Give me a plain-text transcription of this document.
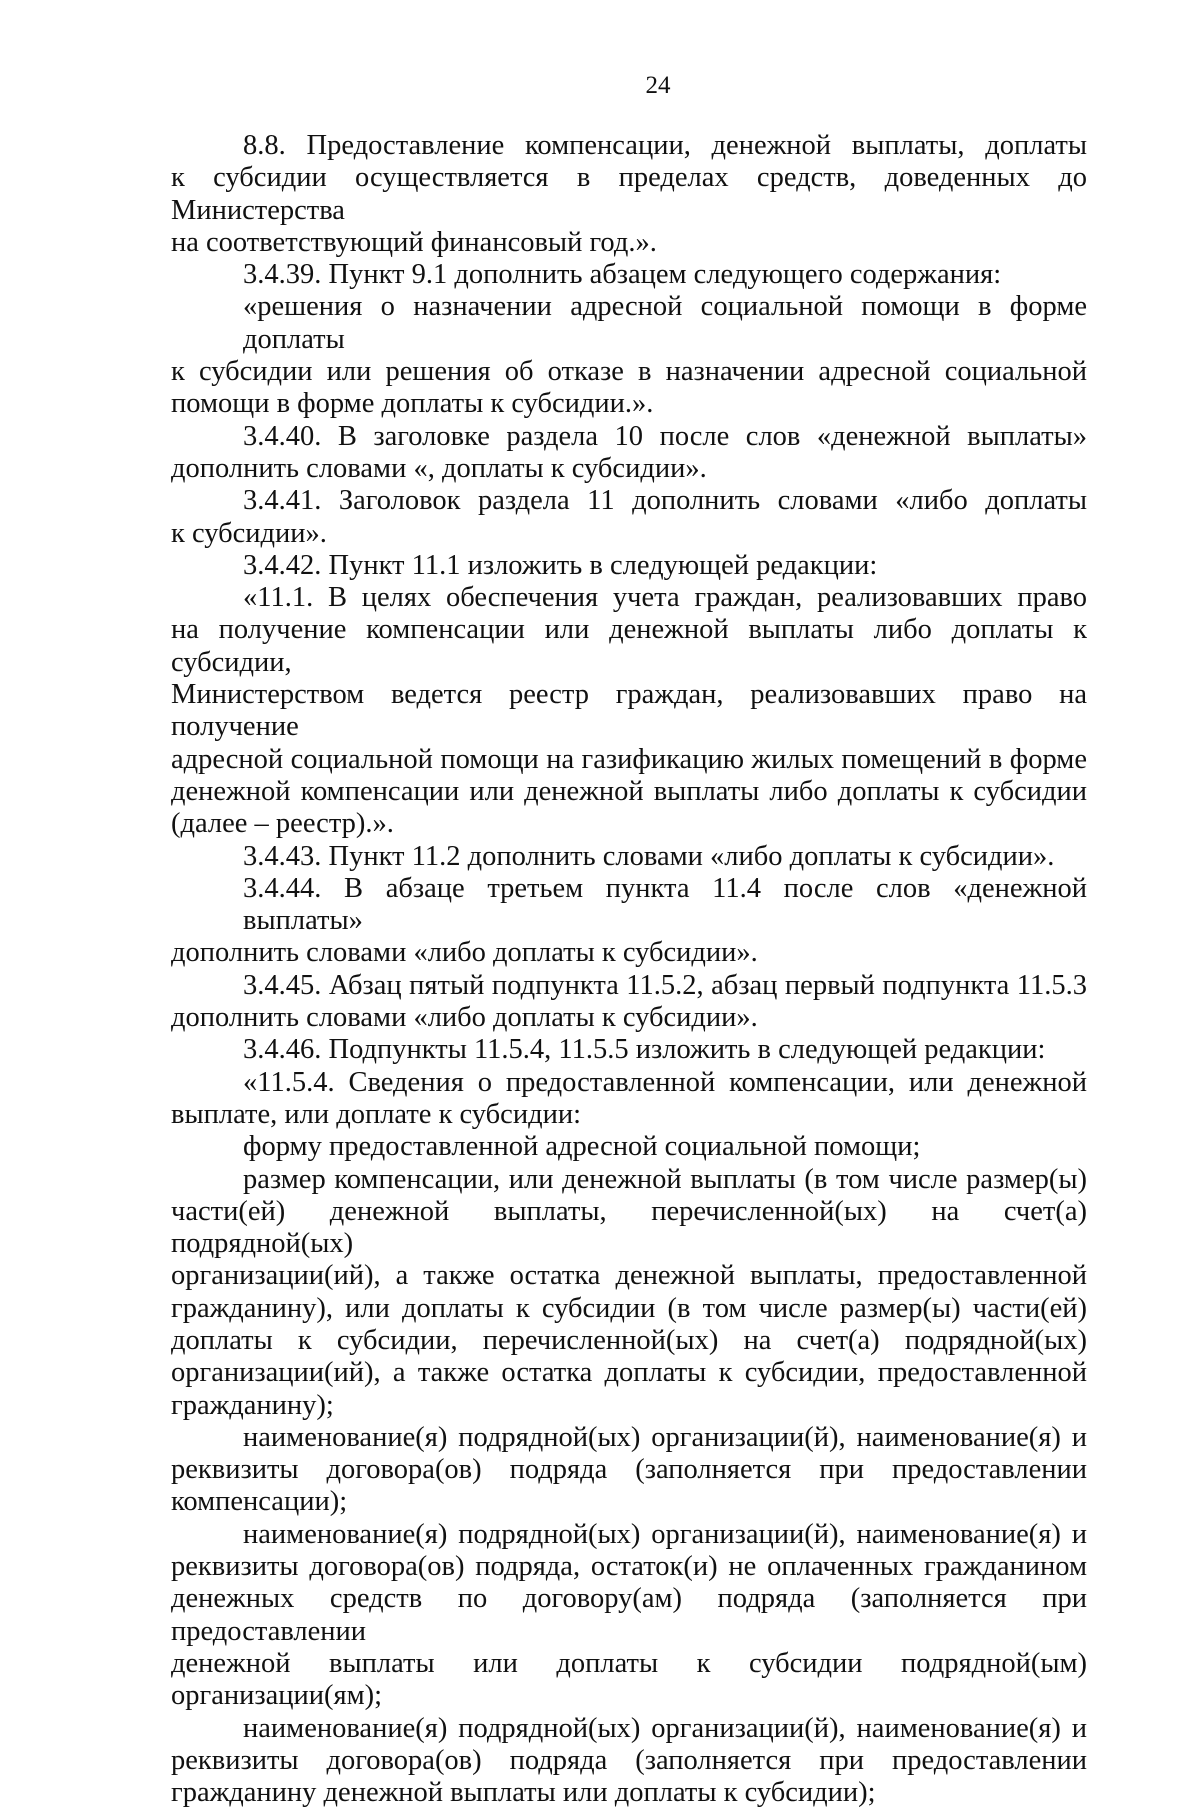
24

8.8. Предоставление компенсации, денежной выплаты, доплаты
к субсидии осуществляется в пределах средств, доведенных до Министерства
на соответствующий финансовый год.».

3.4.39. Пункт 9.1 дополнить абзацем следующего содержания:

«решения о назначении адресной социальной помощи в форме доплаты
к субсидии или решения об отказе в назначении адресной социальной
помощи в форме доплаты к субсидии.».

3.4.40. В заголовке раздела 10 после слов «денежной выплаты»
дополнить словами «, доплаты к субсидии».

3.4.41. Заголовок раздела 11 дополнить словами «либо доплаты
к субсидии».

3.4.42. Пункт 11.1 изложить в следующей редакции:

«11.1. В целях обеспечения учета граждан, реализовавших право
на получение компенсации или денежной выплаты либо доплаты к субсидии,
Министерством ведется реестр граждан, реализовавших право на получение
адресной социальной помощи на газификацию жилых помещений в форме
денежной компенсации или денежной выплаты либо доплаты к субсидии
(далее – реестр).».

3.4.43. Пункт 11.2 дополнить словами «либо доплаты к субсидии».

3.4.44. В абзаце третьем пункта 11.4 после слов «денежной выплаты»
дополнить словами «либо доплаты к субсидии».

3.4.45. Абзац пятый подпункта 11.5.2, абзац первый подпункта 11.5.3
дополнить словами «либо доплаты к субсидии».

3.4.46. Подпункты 11.5.4, 11.5.5 изложить в следующей редакции:

«11.5.4. Сведения о предоставленной компенсации, или денежной
выплате, или доплате к субсидии:

форму предоставленной адресной социальной помощи;

размер компенсации, или денежной выплаты (в том числе размер(ы)
части(ей) денежной выплаты, перечисленной(ых) на счет(а) подрядной(ых)
организации(ий), а также остатка денежной выплаты, предоставленной
гражданину), или доплаты к субсидии (в том числе размер(ы) части(ей)
доплаты к субсидии, перечисленной(ых) на счет(а) подрядной(ых)
организации(ий), а также остатка доплаты к субсидии, предоставленной
гражданину);

наименование(я) подрядной(ых) организации(й), наименование(я) и
реквизиты договора(ов) подряда (заполняется при предоставлении
компенсации);

наименование(я) подрядной(ых) организации(й), наименование(я) и
реквизиты договора(ов) подряда, остаток(и) не оплаченных гражданином
денежных средств по договору(ам) подряда (заполняется при предоставлении
денежной выплаты или доплаты к субсидии подрядной(ым) организации(ям);

наименование(я) подрядной(ых) организации(й), наименование(я) и
реквизиты договора(ов) подряда (заполняется при предоставлении
гражданину денежной выплаты или доплаты к субсидии);
